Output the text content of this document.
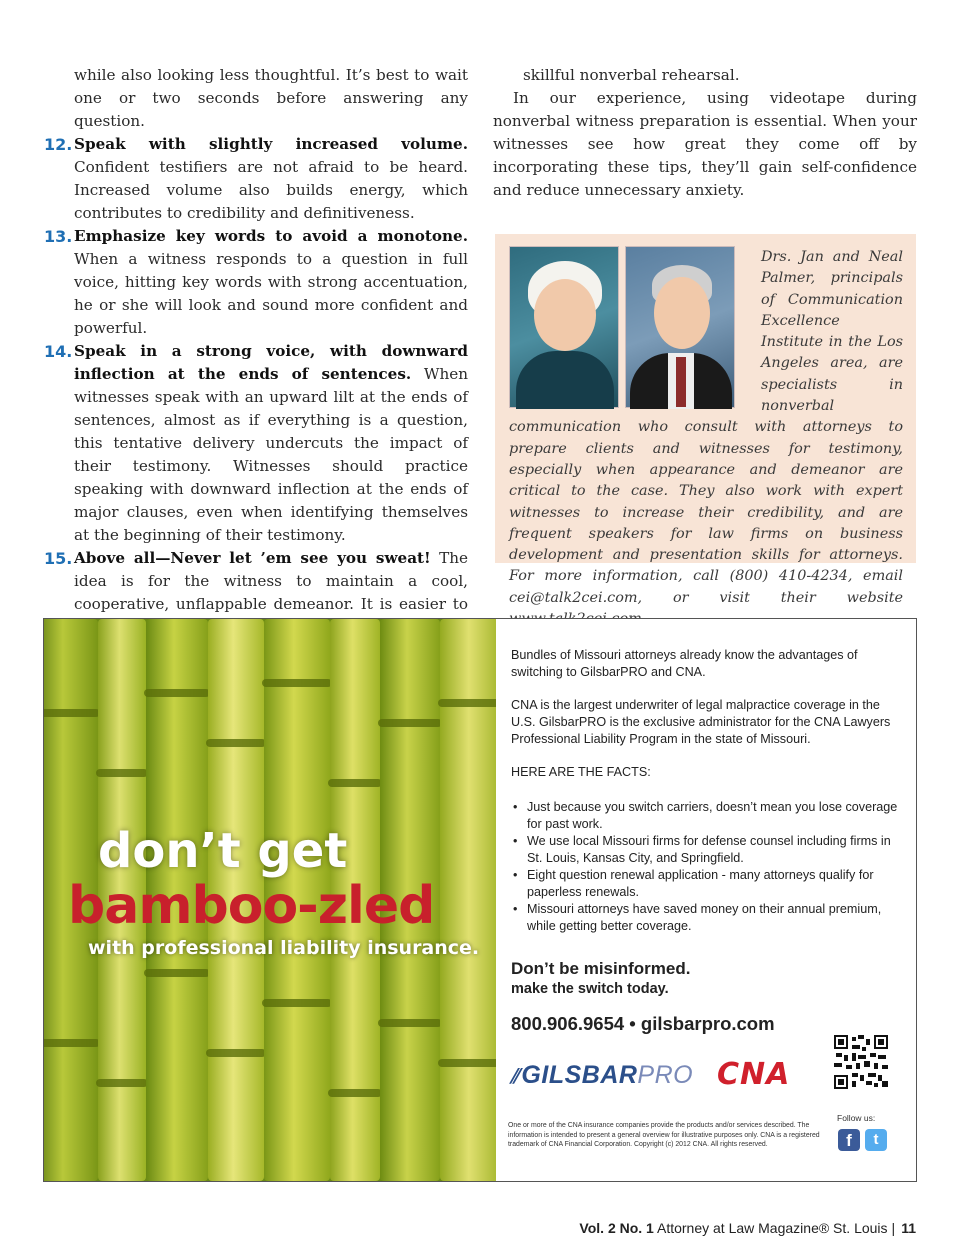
while also looking less thoughtful. It’s best to wait one or two seconds before answering any question.

12. Speak with slightly increased volume. Confident testifiers are not afraid to be heard. Increased volume also builds energy, which contributes to credibility and definitiveness.
13. Emphasize key words to avoid a monotone. When a witness responds to a question in full voice, hitting key words with strong accentuation, he or she will look and sound more confident and powerful.
14. Speak in a strong voice, with downward inflection at the ends of sentences. When witnesses speak with an upward lilt at the ends of sentences, almost as if everything is a question, this tentative delivery undercuts the impact of their testimony. Witnesses should practice speaking with downward inflection at the ends of major clauses, even when identifying themselves at the beginning of their testimony.
15. Above all—Never let ’em see you sweat! The idea is for the witness to maintain a cool, cooperative, unflappable demeanor. It is easier to

skillful nonverbal rehearsal.

In our experience, using videotape during nonverbal witness preparation is essential. When your witnesses see how great they come off by incorporating these tips, they’ll gain self-confidence and reduce unnecessary anxiety.

Drs. Jan and Neal Palmer, principals of Communication Excellence Institute in the Los Angeles area, are specialists in nonverbal communication who consult with attorneys to prepare clients and witnesses for testimony, especially when appearance and demeanor are critical to the case. They also work with expert witnesses to increase their credibility, and are frequent speakers for law firms on business development and presentation skills for attorneys. For more information, call (800) 410-4234, email cei@talk2cei.com, or visit their website
don’t get
bamboo-zled
with professional liability insurance.

Bundles of Missouri attorneys already know the advantages of switching to GilsbarPRO and CNA.

CNA is the largest underwriter of legal malpractice coverage in the U.S. GilsbarPRO is the exclusive administrator for the CNA Lawyers Professional Liability Program in the state of Missouri.

HERE ARE THE FACTS:
• Just because you switch carriers, doesn’t mean you lose coverage for past work.
• We use local Missouri firms for defense counsel including firms in St. Louis, Kansas City, and Springfield.
• Eight question renewal application - many attorneys qualify for paperless renewals.
• Missouri attorneys have saved money on their annual premium, while getting better coverage.
Don’t be misinformed.
make the switch today.
800.906.9654 • gilsbarpro.com
⫽GILSBARPRO CNA
One or more of the CNA insurance companies provide the products and/or services described. The information is intended to present a general overview for illustrative purposes only. CNA is a registered trademark of CNA Financial Corporation. Copyright (c) 2012 CNA. All rights reserved.
Follow us:
f	t
Vol. 2 No. 1 Attorney at Law Magazine® St. Louis | 11
